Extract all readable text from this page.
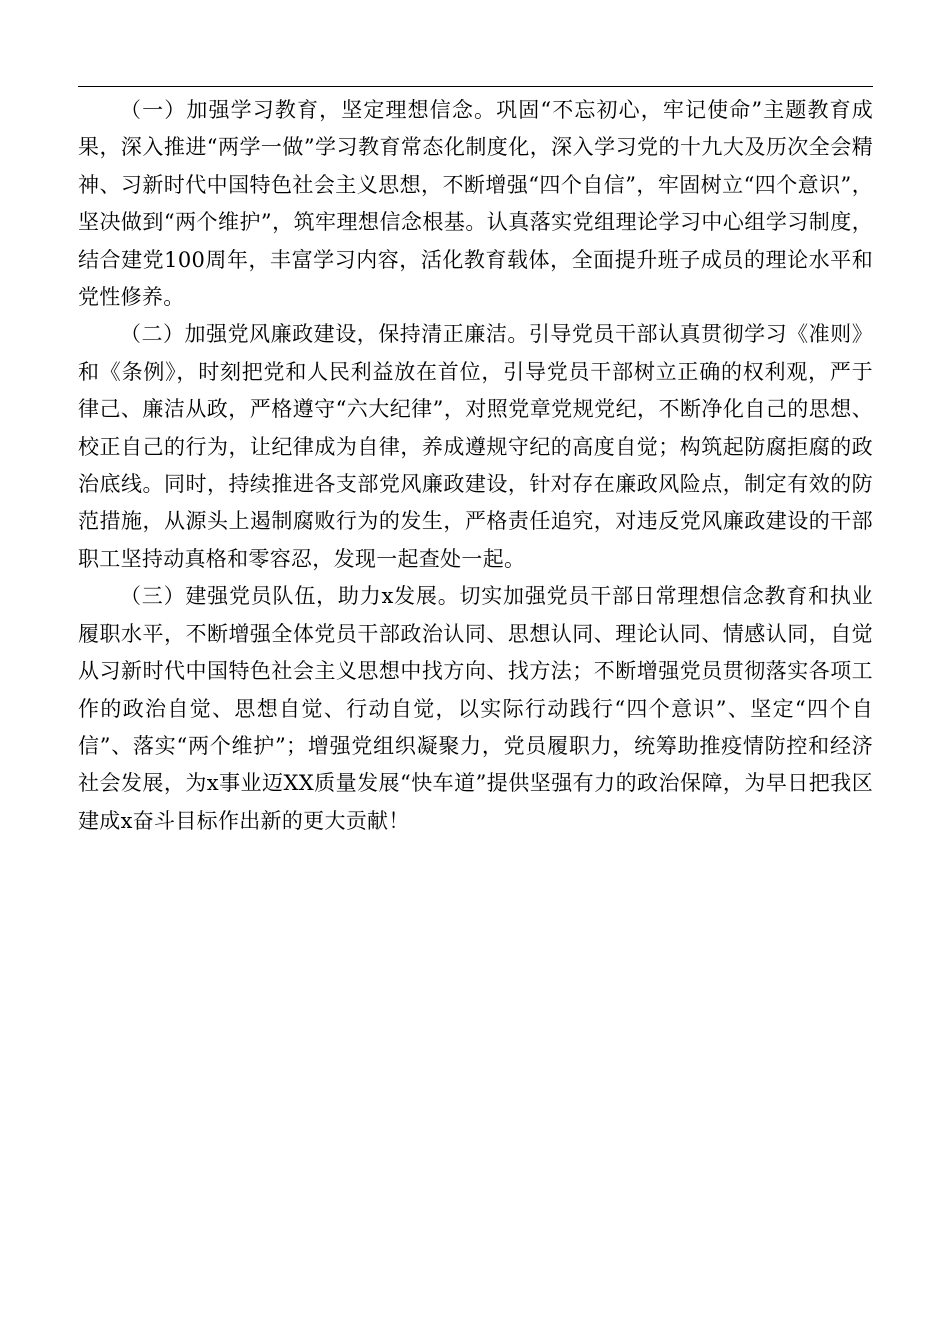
（一）加强学习教育，坚定理想信念。巩固“不忘初心，牢记使命”主题教育成果，深入推进“两学一做”学习教育常态化制度化，深入学习党的十九大及历次全会精神、习新时代中国特色社会主义思想，不断增强“四个自信”，牢固树立“四个意识”，坚决做到“两个维护”，筑牢理想信念根基。认真落实党组理论学习中心组学习制度，结合建党100周年，丰富学习内容，活化教育载体，全面提升班子成员的理论水平和党性修养。

（二）加强党风廉政建设，保持清正廉洁。引导党员干部认真贯彻学习《准则》和《条例》，时刻把党和人民利益放在首位，引导党员干部树立正确的权利观，严于律己、廉洁从政，严格遵守“六大纪律”，对照党章党规党纪，不断净化自己的思想、校正自己的行为，让纪律成为自律，养成遵规守纪的高度自觉；构筑起防腐拒腐的政治底线。同时，持续推进各支部党风廉政建设，针对存在廉政风险点，制定有效的防范措施，从源头上遏制腐败行为的发生，严格责任追究，对违反党风廉政建设的干部职工坚持动真格和零容忍，发现一起查处一起。

（三）建强党员队伍，助力x发展。切实加强党员干部日常理想信念教育和执业履职水平，不断增强全体党员干部政治认同、思想认同、理论认同、情感认同，自觉从习新时代中国特色社会主义思想中找方向、找方法；不断增强党员贯彻落实各项工作的政治自觉、思想自觉、行动自觉，以实际行动践行“四个意识”、坚定“四个自信”、落实“两个维护”；增强党组织凝聚力，党员履职力，统筹助推疫情防控和经济社会发展，为x事业迈XX质量发展“快车道”提供坚强有力的政治保障，为早日把我区建成x奋斗目标作出新的更大贡献！
